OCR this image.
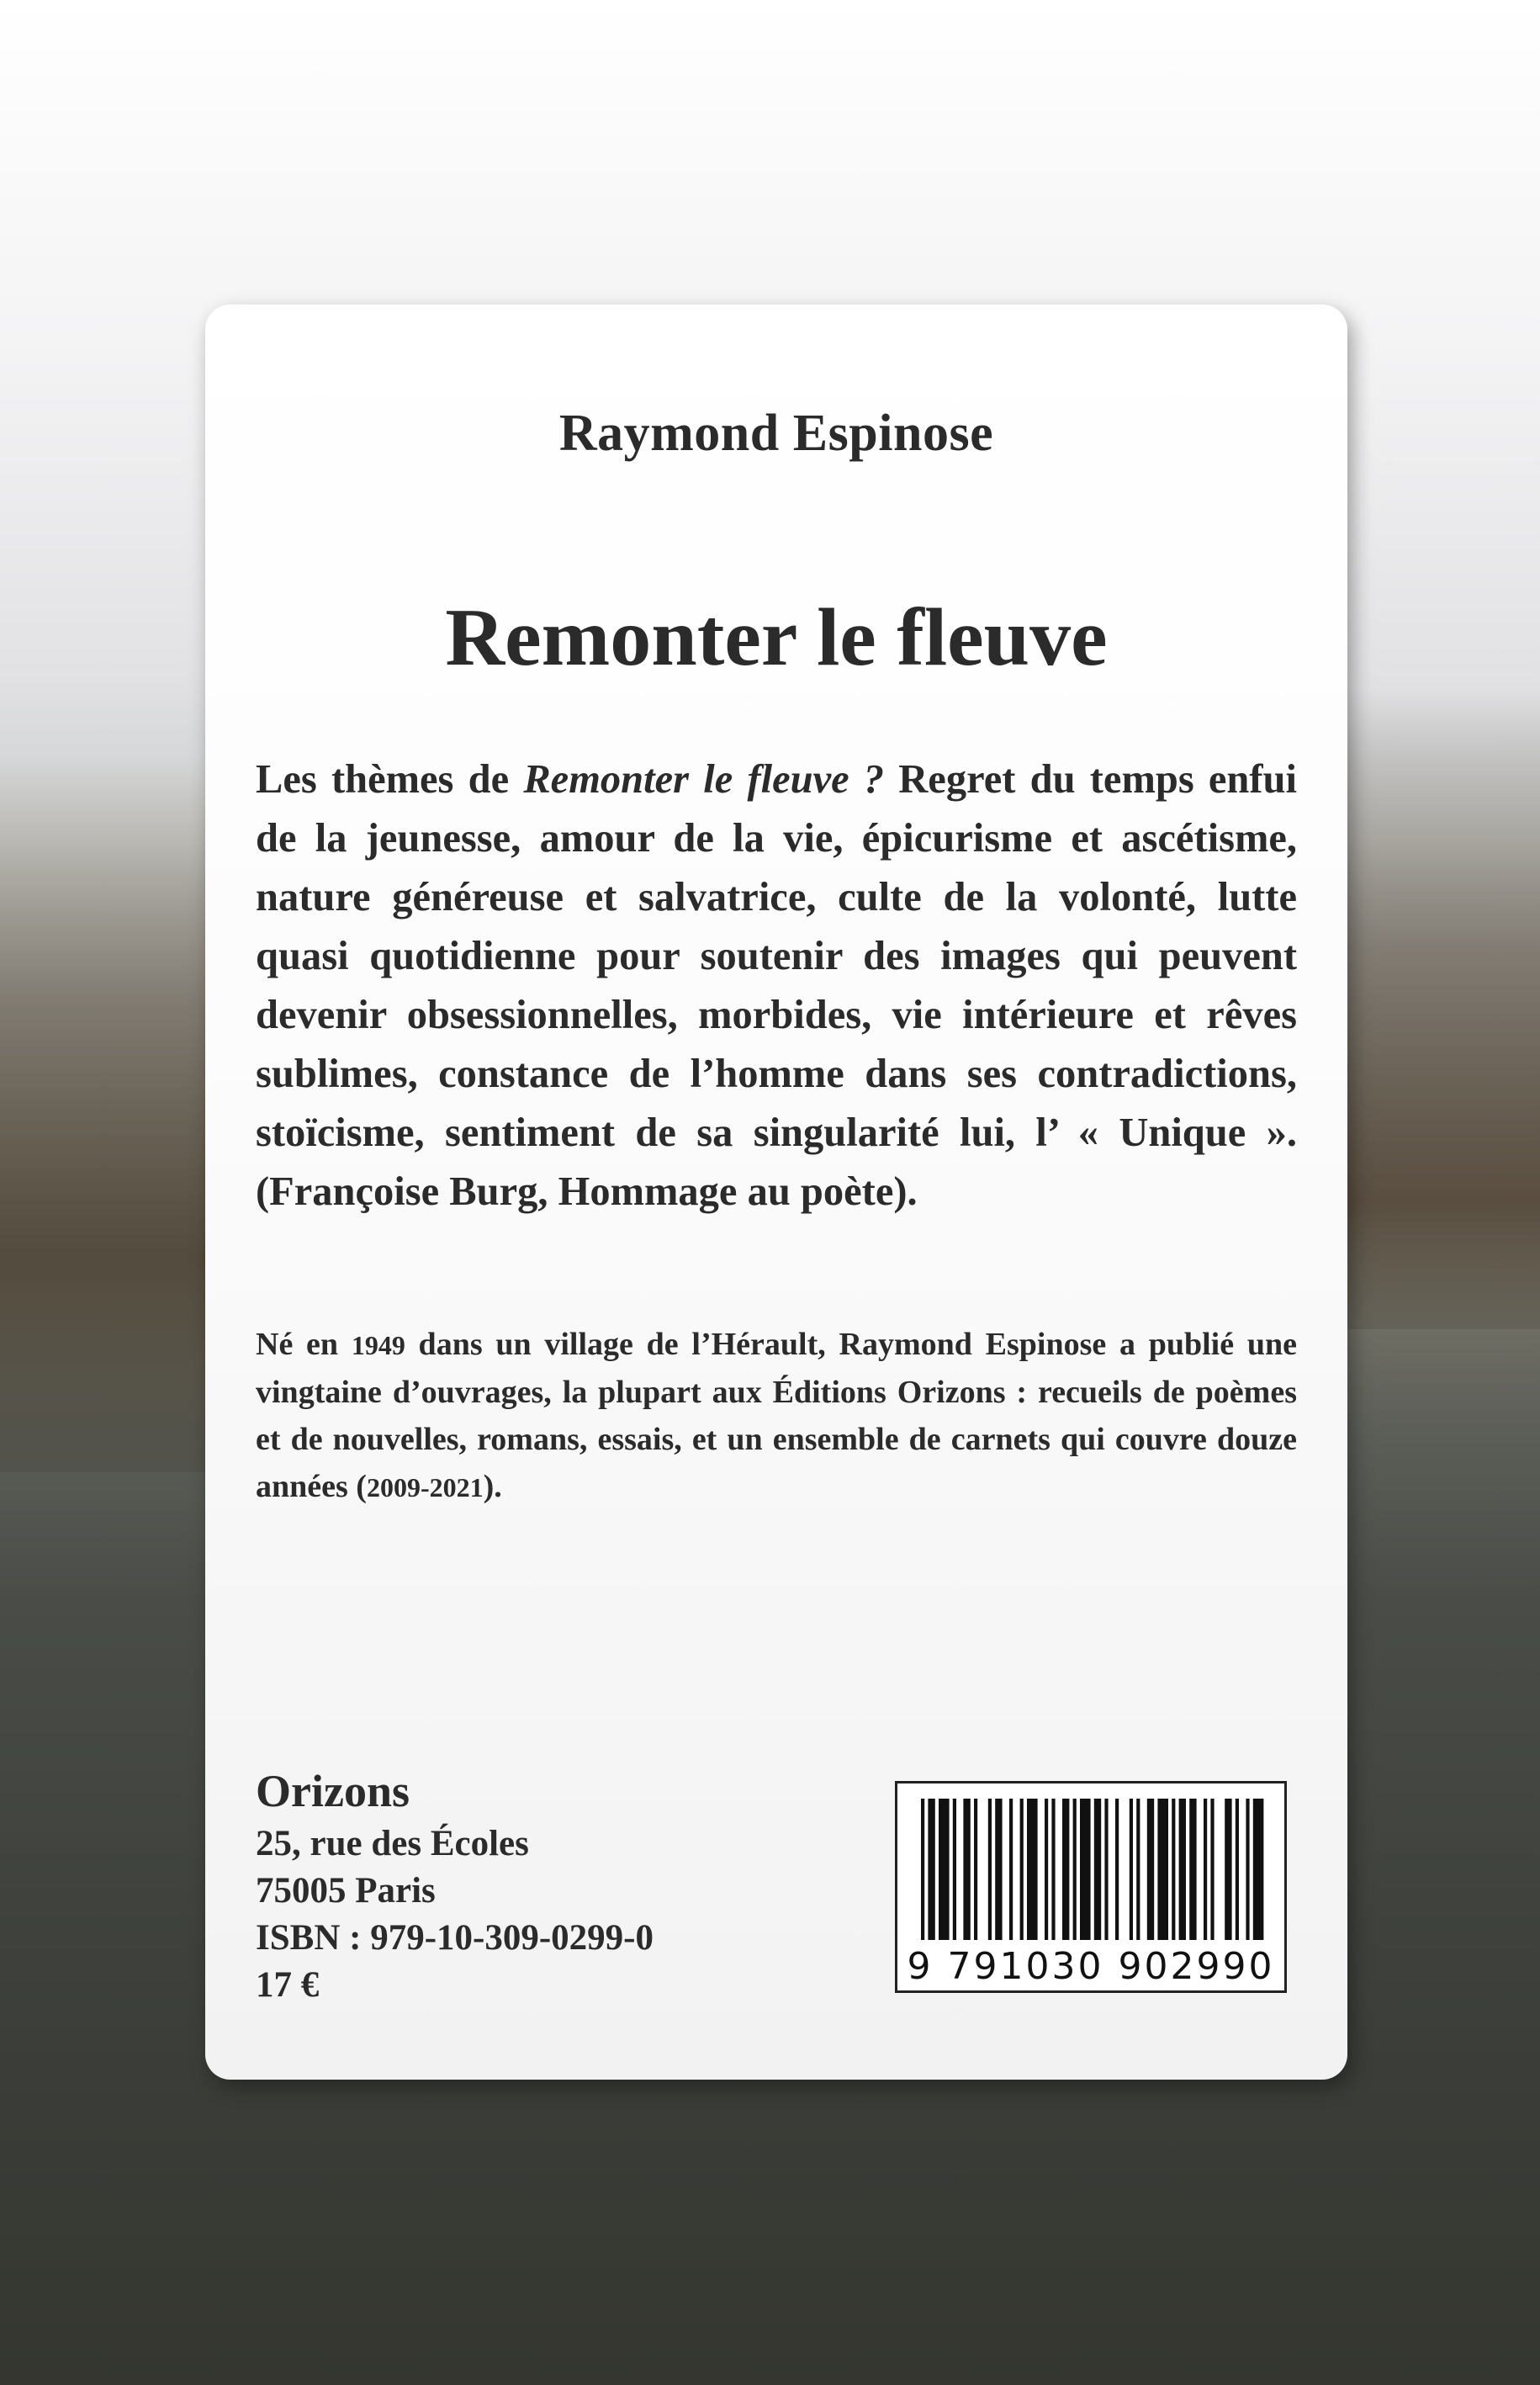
Raymond Espinose
Remonter le fleuve

Les thèmes de Remonter le fleuve ? Regret du temps enfui de la jeunesse, amour de la vie, épicurisme et ascétisme, nature généreuse et salvatrice, culte de la volonté, lutte quasi quotidienne pour soutenir des images qui peuvent devenir obsessionnelles, morbides, vie intérieure et rêves sublimes, constance de l’homme dans ses contradictions, stoïcisme, sentiment de sa singularité lui, l’ « Unique ». (Françoise Burg, Hommage au poète).

Né en 1949 dans un village de l’Hérault, Raymond Espinose a publié une vingtaine d’ouvrages, la plupart aux Éditions Orizons : recueils de poèmes et de nouvelles, romans, essais, et un ensemble de carnets qui couvre douze années (2009-2021).

Orizons
25, rue des Écoles
75005 Paris
ISBN : 979-10-309-0299-0
17 €	9 791030 902990
